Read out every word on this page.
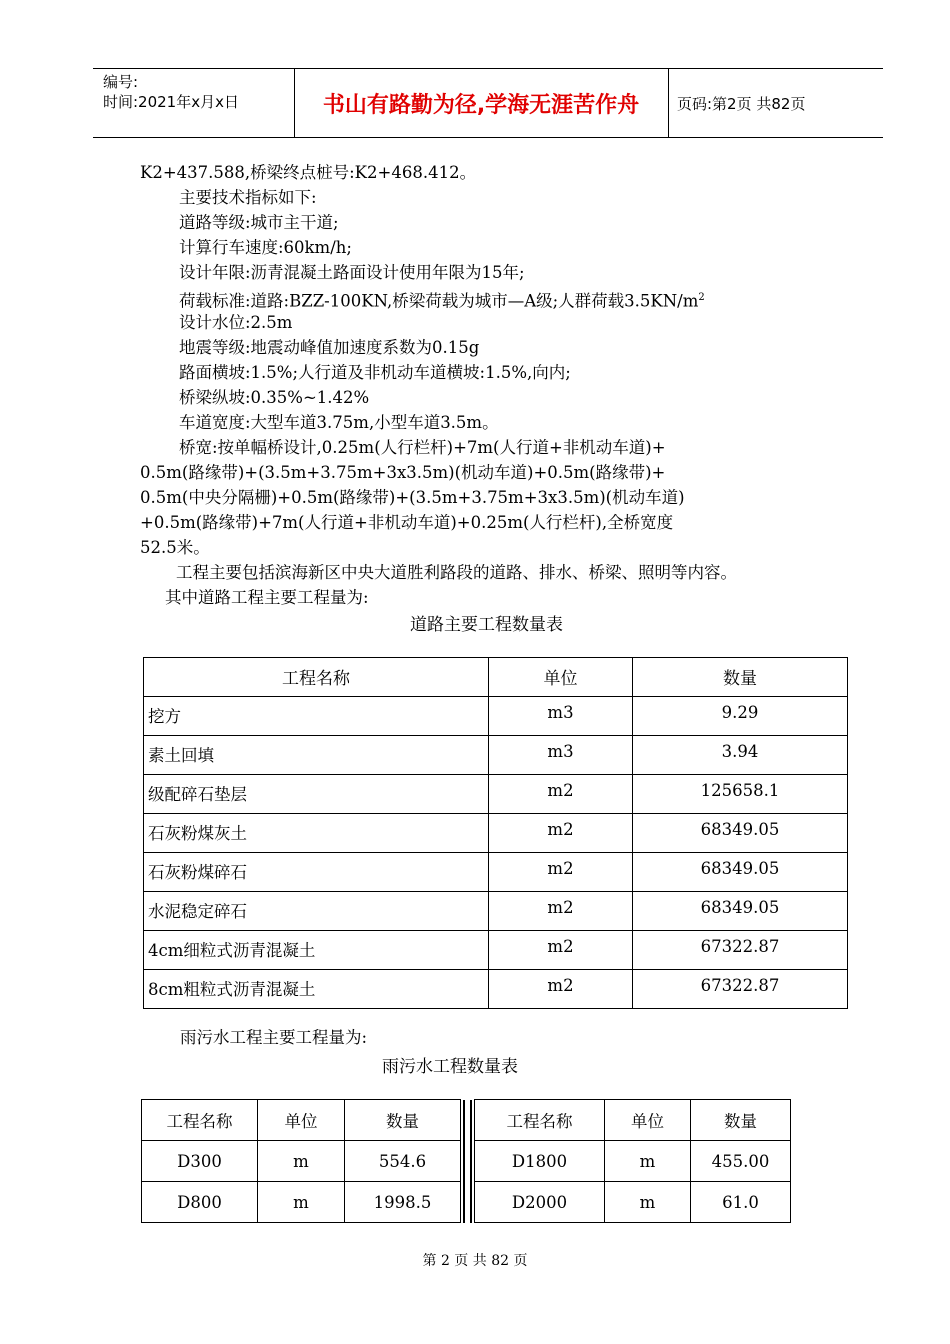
编号:
时间:2021年x月x日	书山有路勤为径,学海无涯苦作舟	页码:第2页 共82页
K2+437.588,桥梁终点桩号:K2+468.412。
主要技术指标如下:
道路等级:城市主干道;
计算行车速度:60km/h;
设计年限:沥青混凝土路面设计使用年限为15年;
荷载标准:道路:BZZ-100KN,桥梁荷载为城市—A级;人群荷载$3.5KN/m^2$
设计水位:2.5m
地震等级:地震动峰值加速度系数为0.15g
路面横坡:1.5%;人行道及非机动车道横坡:1.5%,向内;
桥梁纵坡:0.35%~1.42%
车道宽度:大型车道3.75m,小型车道3.5m。
桥宽:按单幅桥设计,0.25m(人行栏杆)+7m(人行道+非机动车道)+
0.5m(路缘带)+(3.5m+3.75m+3x3.5m)(机动车道)+0.5m(路缘带)+
0.5m(中央分隔栅)+0.5m(路缘带)+(3.5m+3.75m+3x3.5m)(机动车道)
+0.5m(路缘带)+7m(人行道+非机动车道)+0.25m(人行栏杆),全桥宽度
52.5米。
工程主要包括滨海新区中央大道胜利路段的道路、排水、桥梁、照明等内容。
其中道路工程主要工程量为:
道路主要工程数量表
工程名称	单位	数量
挖方	m3	9.29
素土回填	m3	3.94
级配碎石垫层	m2	125658.1
石灰粉煤灰土	m2	68349.05
石灰粉煤碎石	m2	68349.05
水泥稳定碎石	m2	68349.05
4cm细粒式沥青混凝土	m2	67322.87
8cm粗粒式沥青混凝土	m2	67322.87
雨污水工程主要工程量为:
雨污水工程数量表
工程名称	单位	数量		工程名称	单位	数量
D300	m	554.6		D1800	m	455.00
D800	m	1998.5		D2000	m	61.0
第 2 页 共 82 页
